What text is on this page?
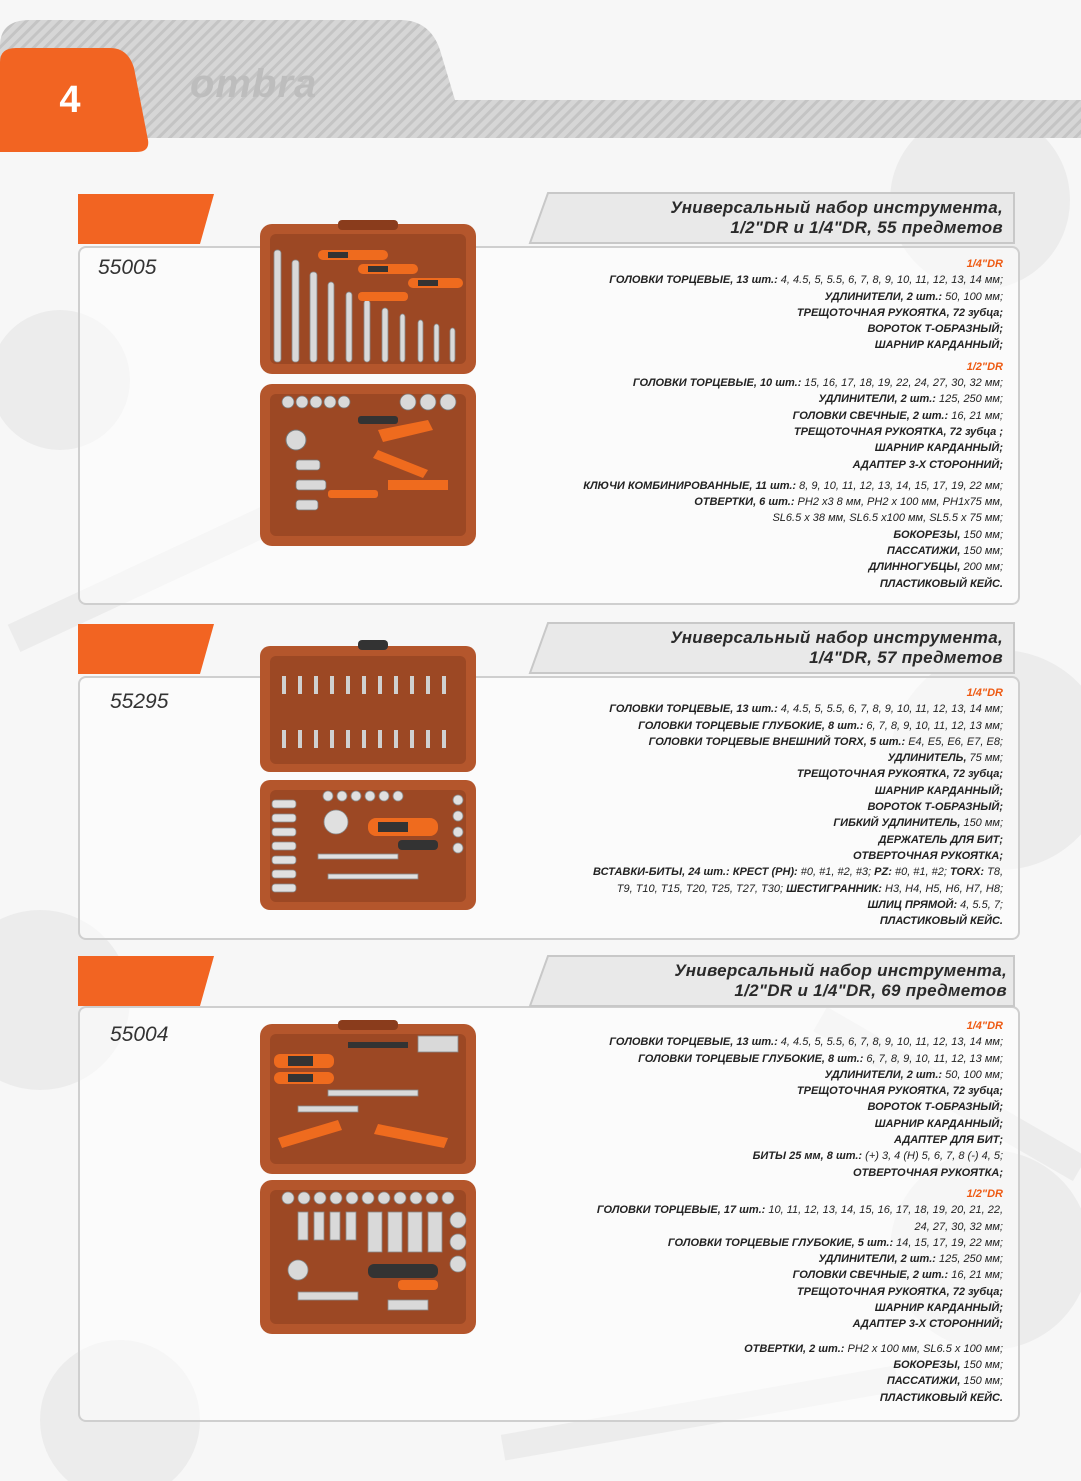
4	ombra
55005
Универсальный набор инструмента,
1/2"DR и 1/4"DR, 55 предметов
1/4"DR
ГОЛОВКИ ТОРЦЕВЫЕ, 13 шт.: 4, 4.5, 5, 5.5, 6, 7, 8, 9, 10, 11, 12, 13, 14 мм;
УДЛИНИТЕЛИ, 2 шт.: 50, 100 мм;
ТРЕЩОТОЧНАЯ РУКОЯТКА, 72 зубца;
ВОРОТОК Т-ОБРАЗНЫЙ;
ШАРНИР КАРДАННЫЙ;
1/2"DR
ГОЛОВКИ ТОРЦЕВЫЕ, 10 шт.: 15, 16, 17, 18, 19, 22, 24, 27, 30, 32 мм;
УДЛИНИТЕЛИ, 2 шт.: 125, 250 мм;
ГОЛОВКИ СВЕЧНЫЕ, 2 шт.: 16, 21 мм;
ТРЕЩОТОЧНАЯ РУКОЯТКА, 72 зубца ;
ШАРНИР КАРДАННЫЙ;
АДАПТЕР 3-Х СТОРОННИЙ;
КЛЮЧИ КОМБИНИРОВАННЫЕ, 11 шт.: 8, 9, 10, 11, 12, 13, 14, 15, 17, 19, 22 мм;
ОТВЕРТКИ, 6 шт.: PH2 x3 8 мм, PH2 x 100 мм, PH1x75 мм,
SL6.5 x 38 мм, SL6.5 x100 мм, SL5.5 x 75 мм;
БОКОРЕЗЫ, 150 мм;
ПАССАТИЖИ, 150 мм;
ДЛИННОГУБЦЫ, 200 мм;
ПЛАСТИКОВЫЙ КЕЙС.
55295
Универсальный набор инструмента,
1/4"DR, 57 предметов
1/4"DR
ГОЛОВКИ ТОРЦЕВЫЕ, 13 шт.: 4, 4.5, 5, 5.5, 6, 7, 8, 9, 10, 11, 12, 13, 14 мм;
ГОЛОВКИ ТОРЦЕВЫЕ ГЛУБОКИЕ, 8 шт.: 6, 7, 8, 9, 10, 11, 12, 13 мм;
ГОЛОВКИ ТОРЦЕВЫЕ ВНЕШНИЙ TORX, 5 шт.: E4, E5, E6, E7, E8;
УДЛИНИТЕЛЬ, 75 мм;
ТРЕЩОТОЧНАЯ РУКОЯТКА, 72 зубца;
ШАРНИР КАРДАННЫЙ;
ВОРОТОК Т-ОБРАЗНЫЙ;
ГИБКИЙ УДЛИНИТЕЛЬ, 150 мм;
ДЕРЖАТЕЛЬ ДЛЯ БИТ;
ОТВЕРТОЧНАЯ РУКОЯТКА;
ВСТАВКИ-БИТЫ, 24 шт.: КРЕСТ (PH): #0, #1, #2, #3; PZ: #0, #1, #2; TORX: T8,
T9, T10, T15, T20, T25, T27, T30; ШЕСТИГРАННИК: H3, H4, H5, H6, H7, H8;
ШЛИЦ ПРЯМОЙ: 4, 5.5, 7;
ПЛАСТИКОВЫЙ КЕЙС.
55004
Универсальный набор инструмента,
1/2"DR и 1/4"DR, 69 предметов
1/4"DR
ГОЛОВКИ ТОРЦЕВЫЕ, 13 шт.: 4, 4.5, 5, 5.5, 6, 7, 8, 9, 10, 11, 12, 13, 14 мм;
ГОЛОВКИ ТОРЦЕВЫЕ ГЛУБОКИЕ, 8 шт.: 6, 7, 8, 9, 10, 11, 12, 13 мм;
УДЛИНИТЕЛИ, 2 шт.: 50, 100 мм;
ТРЕЩОТОЧНАЯ РУКОЯТКА, 72 зубца;
ВОРОТОК Т-ОБРАЗНЫЙ;
ШАРНИР КАРДАННЫЙ;
АДАПТЕР ДЛЯ БИТ;
БИТЫ 25 мм, 8 шт.: (+) 3, 4 (Н) 5, 6, 7, 8 (-) 4, 5;
ОТВЕРТОЧНАЯ РУКОЯТКА;
1/2"DR
ГОЛОВКИ ТОРЦЕВЫЕ, 17 шт.: 10, 11, 12, 13, 14, 15, 16, 17, 18, 19, 20, 21, 22,
24, 27, 30, 32 мм;
ГОЛОВКИ ТОРЦЕВЫЕ ГЛУБОКИЕ, 5 шт.: 14, 15, 17, 19, 22 мм;
УДЛИНИТЕЛИ, 2 шт.: 125, 250 мм;
ГОЛОВКИ СВЕЧНЫЕ, 2 шт.: 16, 21 мм;
ТРЕЩОТОЧНАЯ РУКОЯТКА, 72 зубца;
ШАРНИР КАРДАННЫЙ;
АДАПТЕР 3-Х СТОРОННИЙ;
ОТВЕРТКИ, 2 шт.: PH2 x 100 мм, SL6.5 x 100 мм;
БОКОРЕЗЫ, 150 мм;
ПАССАТИЖИ, 150 мм;
ПЛАСТИКОВЫЙ КЕЙС.
